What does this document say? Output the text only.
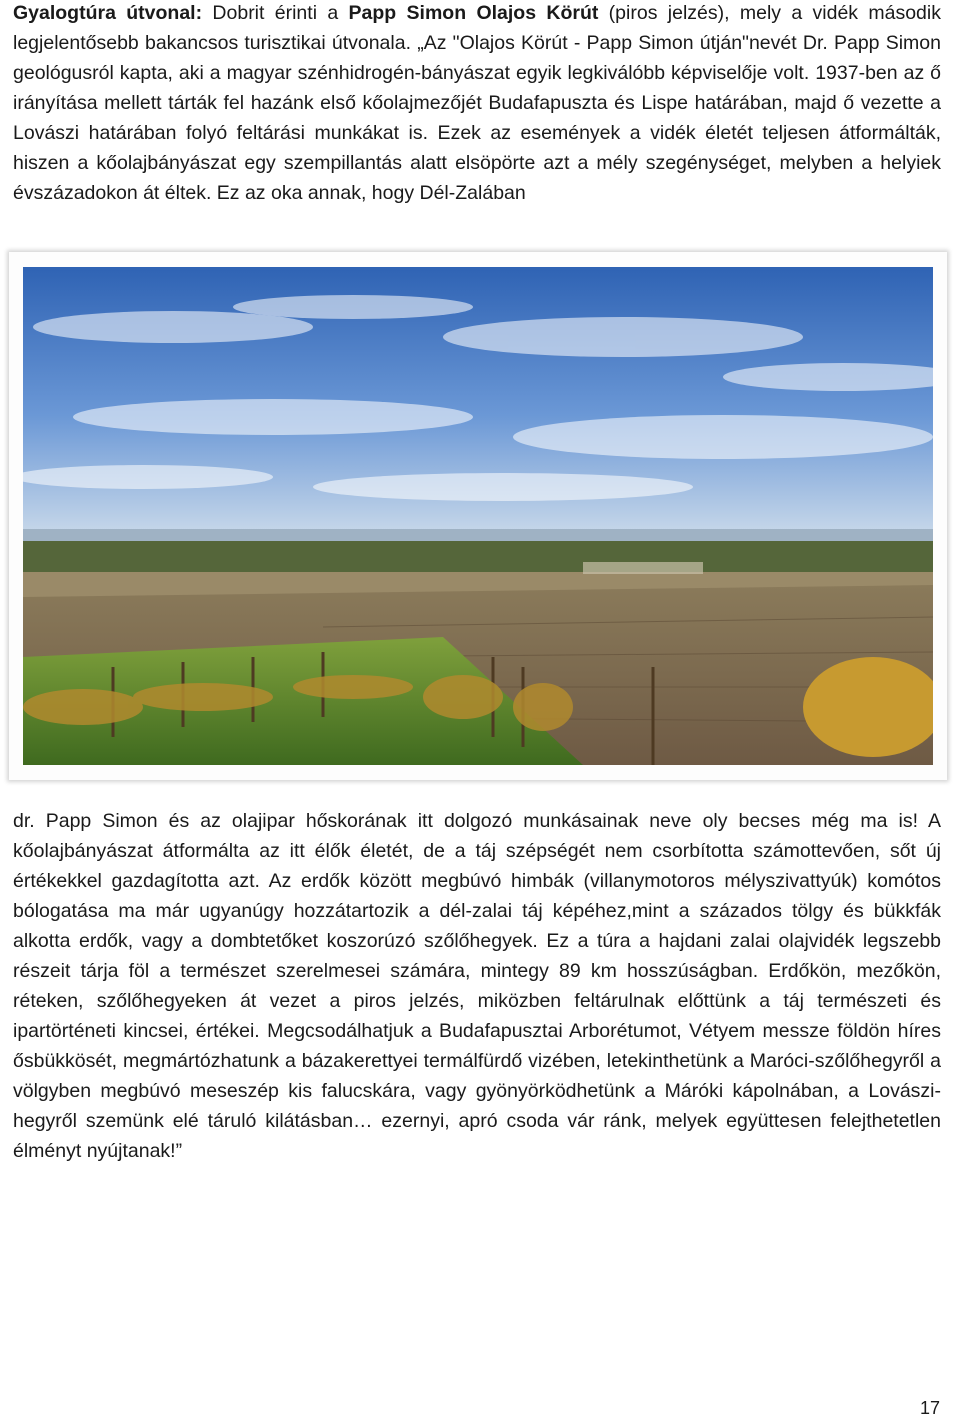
Gyalogtúra útvonal: Dobrit érinti a Papp Simon Olajos Körút (piros jelzés), mely a vidék második legjelentősebb bakancsos turisztikai útvonala. „Az "Olajos Körút - Papp Simon útján"nevét Dr. Papp Simon geológusról kapta, aki a magyar szénhidrogén-bányászat egyik legkiválóbb képviselője volt. 1937-ben az ő irányítása mellett tárták fel hazánk első kőolajmezőjét Budafapuszta és Lispe határában, majd ő vezette a Lovászi határában folyó feltárási munkákat is. Ezek az események a vidék életét teljesen átformálták, hiszen a kőolajbányászat egy szempillantás alatt elsöpörte azt a mély szegénységet, melyben a helyiek évszázadokon át éltek. Ez az oka annak, hogy Dél-Zalában

dr. Papp Simon és az olajipar hőskorának itt dolgozó munkásainak neve oly becses még ma is! A kőolajbányászat átformálta az itt élők életét, de a táj szépségét nem csorbította számottevően, sőt új értékekkel gazdagította azt. Az erdők között megbúvó himbák (villanymotoros mélyszivattyúk) komótos bólogatása ma már ugyanúgy hozzátartozik a dél-zalai táj képéhez,mint a százados tölgy és bükkfák alkotta erdők, vagy a dombtetőket koszorúzó szőlőhegyek. Ez a túra a hajdani zalai olajvidék legszebb részeit tárja föl a természet szerelmesei számára, mintegy 89 km hosszúságban. Erdőkön, mezőkön, réteken, szőlőhegyeken át vezet a piros jelzés, miközben feltárulnak előttünk a táj természeti és ipartörténeti kincsei, értékei. Megcsodálhatjuk a Budafapusztai Arborétumot, Vétyem messze földön híres ősbükkösét, megmártózhatunk a bázakerettyei termálfürdő vizében, letekinthetünk a Maróci-szőlőhegyről a völgyben megbúvó meseszép kis falucskára, vagy gyönyörködhetünk a Máróki kápolnában, a Lovászi-hegyről szemünk elé táruló kilátásban… ezernyi, apró csoda vár ránk, melyek együttesen felejthetetlen élményt nyújtanak!”

17
